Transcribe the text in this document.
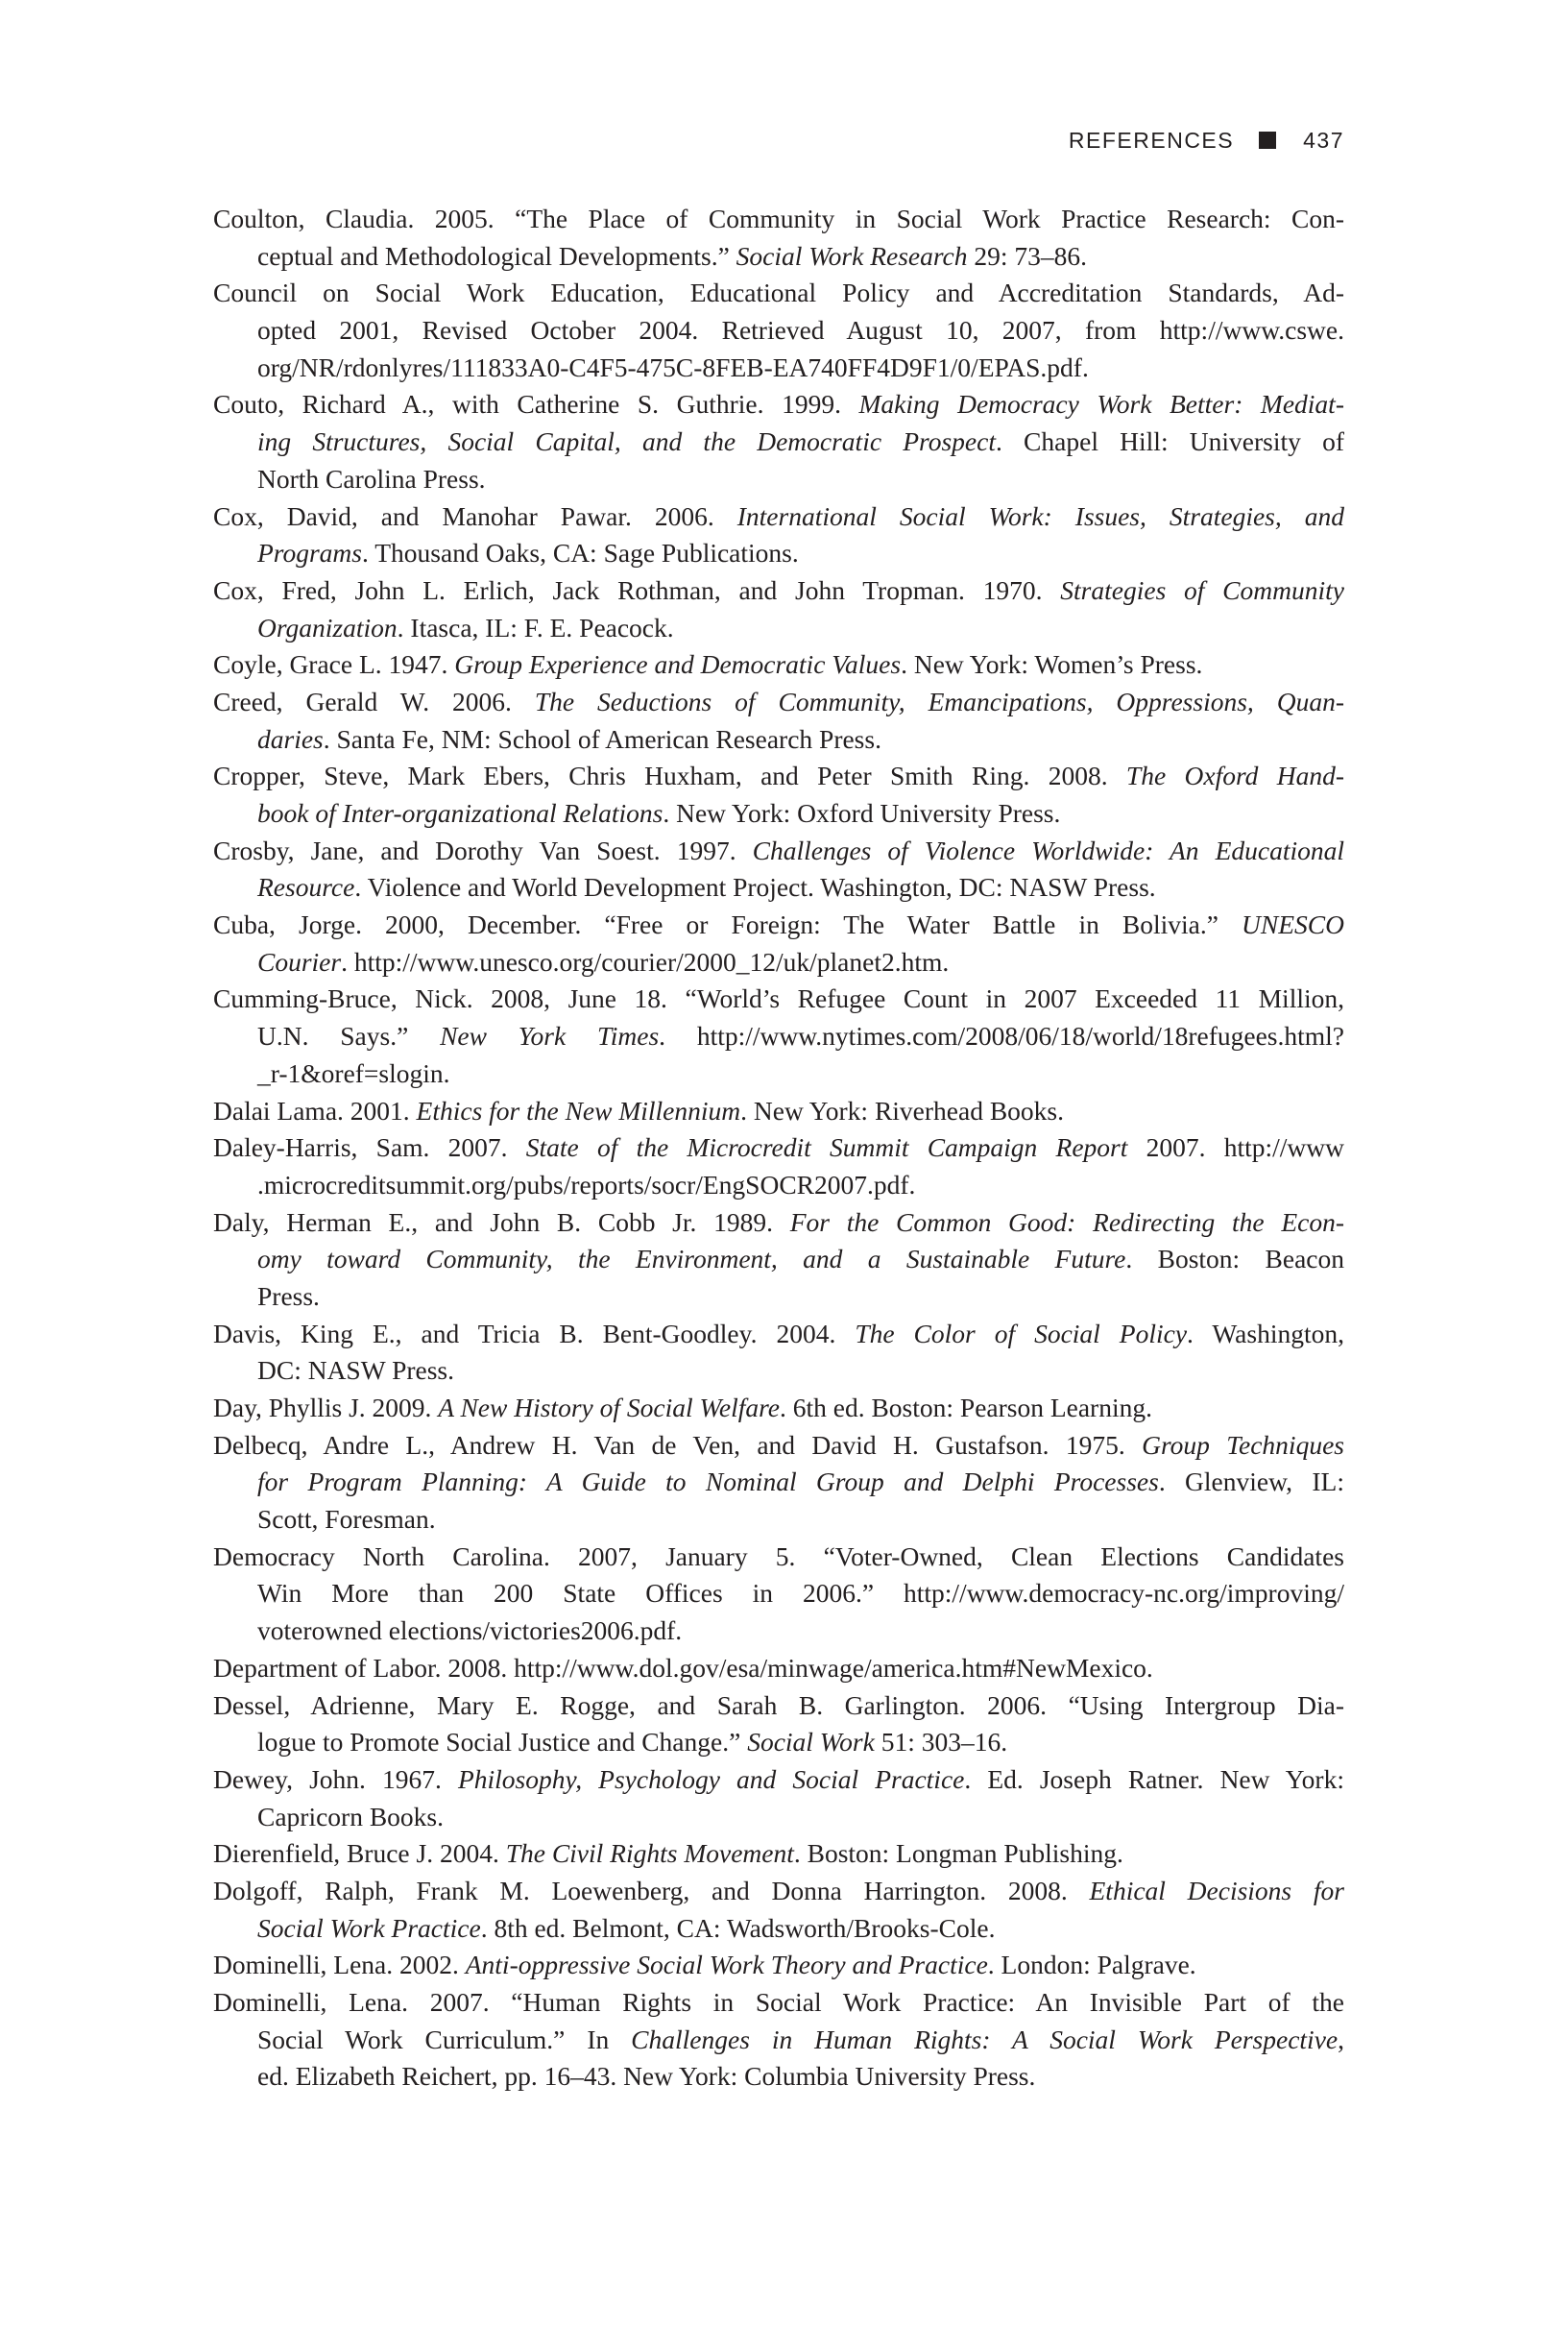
REFERENCES	437
Coulton, Claudia. 2005. “The Place of Community in Social Work Practice Research: Con-
ceptual and Methodological Developments.” Social Work Research 29: 73–86.
Council on Social Work Education, Educational Policy and Accreditation Standards, Ad-
opted 2001, Revised October 2004. Retrieved August 10, 2007, from http://www.cswe.
org/NR/rdonlyres/111833A0-C4F5-475C-8FEB-EA740FF4D9F1/0/EPAS.pdf.
Couto, Richard A., with Catherine S. Guthrie. 1999. Making Democracy Work Better: Mediat-
ing Structures, Social Capital, and the Democratic Prospect. Chapel Hill: University of
North Carolina Press.
Cox, David, and Manohar Pawar. 2006. International Social Work: Issues, Strategies, and
Programs. Thousand Oaks, CA: Sage Publications.
Cox, Fred, John L. Erlich, Jack Rothman, and John Tropman. 1970. Strategies of Community
Organization. Itasca, IL: F. E. Peacock.
Coyle, Grace L. 1947. Group Experience and Democratic Values. New York: Women’s Press.
Creed, Gerald W. 2006. The Seductions of Community, Emancipations, Oppressions, Quan-
daries. Santa Fe, NM: School of American Research Press.
Cropper, Steve, Mark Ebers, Chris Huxham, and Peter Smith Ring. 2008. The Oxford Hand-
book of Inter-organizational Relations. New York: Oxford University Press.
Crosby, Jane, and Dorothy Van Soest. 1997. Challenges of Violence Worldwide: An Educational
Resource. Violence and World Development Project. Washington, DC: NASW Press.
Cuba, Jorge. 2000, December. “Free or Foreign: The Water Battle in Bolivia.” UNESCO
Courier. http://www.unesco.org/courier/2000_12/uk/planet2.htm.
Cumming-Bruce, Nick. 2008, June 18. “World’s Refugee Count in 2007 Exceeded 11 Million,
U.N. Says.” New York Times. http://www.nytimes.com/2008/06/18/world/18refugees.html?
_r-1&oref=slogin.
Dalai Lama. 2001. Ethics for the New Millennium. New York: Riverhead Books.
Daley-Harris, Sam. 2007. State of the Microcredit Summit Campaign Report 2007. http://www
.microcreditsummit.org/pubs/reports/socr/EngSOCR2007.pdf.
Daly, Herman E., and John B. Cobb Jr. 1989. For the Common Good: Redirecting the Econ-
omy toward Community, the Environment, and a Sustainable Future. Boston: Beacon
Press.
Davis, King E., and Tricia B. Bent-Goodley. 2004. The Color of Social Policy. Washington,
DC: NASW Press.
Day, Phyllis J. 2009. A New History of Social Welfare. 6th ed. Boston: Pearson Learning.
Delbecq, Andre L., Andrew H. Van de Ven, and David H. Gustafson. 1975. Group Techniques
for Program Planning: A Guide to Nominal Group and Delphi Processes. Glenview, IL:
Scott, Foresman.
Democracy North Carolina. 2007, January 5. “Voter-Owned, Clean Elections Candidates
Win More than 200 State Offices in 2006.” http://www.democracy-nc.org/improving/
voterowned elections/victories2006.pdf.
Department of Labor. 2008. http://www.dol.gov/esa/minwage/america.htm#NewMexico.
Dessel, Adrienne, Mary E. Rogge, and Sarah B. Garlington. 2006. “Using Intergroup Dia-
logue to Promote Social Justice and Change.” Social Work 51: 303–16.
Dewey, John. 1967. Philosophy, Psychology and Social Practice. Ed. Joseph Ratner. New York:
Capricorn Books.
Dierenfield, Bruce J. 2004. The Civil Rights Movement. Boston: Longman Publishing.
Dolgoff, Ralph, Frank M. Loewenberg, and Donna Harrington. 2008. Ethical Decisions for
Social Work Practice. 8th ed. Belmont, CA: Wadsworth/Brooks-Cole.
Dominelli, Lena. 2002. Anti-oppressive Social Work Theory and Practice. London: Palgrave.
Dominelli, Lena. 2007. “Human Rights in Social Work Practice: An Invisible Part of the
Social Work Curriculum.” In Challenges in Human Rights: A Social Work Perspective,
ed. Elizabeth Reichert, pp. 16–43. New York: Columbia University Press.
